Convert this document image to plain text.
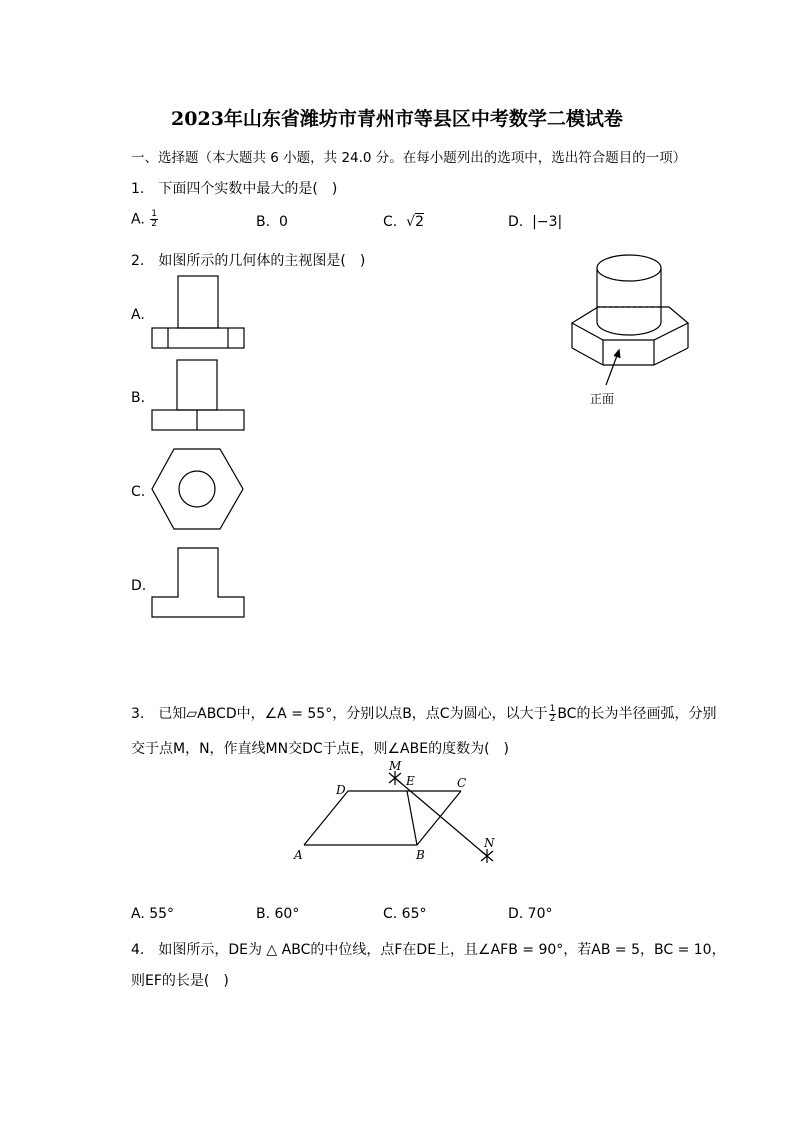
2023年山东省潍坊市青州市等县区中考数学二模试卷
一、选择题（本大题共 6 小题，共 24.0 分。在每小题列出的选项中，选出符合题目的一项）
1.　下面四个实数中最大的是(　)
A. $\frac{1}{2}$	B. 0	C. √2	D. |−3|
2.　如图所示的几何体的主视图是(　)
A.
B.
C.
D.
正面
3.　已知▱ABCD中，∠A = 55°，分别以点B，点C为圆心，以大于 $\frac{1}{2}$ BC的长为半径画弧，分别
交于点M，N，作直线MN交DC于点E，则∠ABE的度数为(　)
M
E	C
D
A	B
N
A. 55°	B. 60°	C. 65°	D. 70°
4.　如图所示，DE为 △ ABC的中位线，点F在DE上，且∠AFB = 90°，若AB = 5，BC = 10，
则EF的长是(　)
